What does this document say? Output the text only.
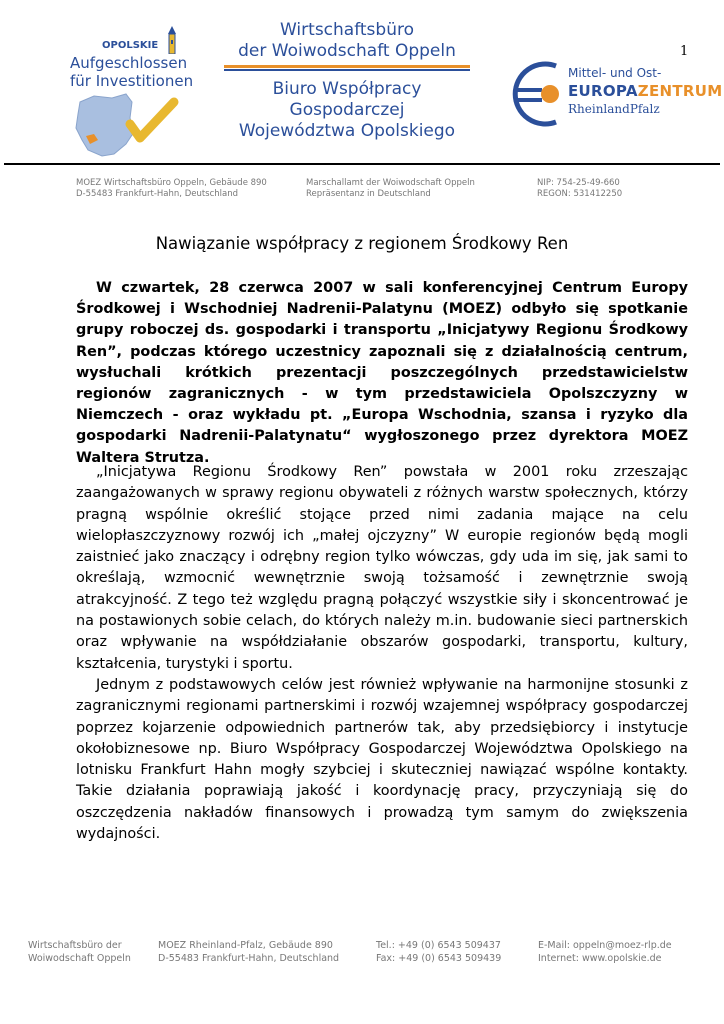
1
OPOLSKIE
Aufgeschlossen
für Investitionen
Wirtschaftsbüro
der Woiwodschaft Oppeln
Biuro Współpracy Gospodarczej
Województwa Opolskiego
Mittel- und Ost-
EUROPAZENTRUM
RheinlandPfalz
MOEZ Wirtschaftsbüro Oppeln, Gebäude 890
D-55483 Frankfurt-Hahn, Deutschland
Marschallamt der Woiwodschaft Oppeln
Repräsentanz in Deutschland
NIP: 754-25-49-660
REGON: 531412250
Nawiązanie współpracy z regionem Środkowy Ren
W czwartek, 28 czerwca 2007 w sali konferencyjnej Centrum Europy Środkowej i Wschodniej Nadrenii-Palatynu (MOEZ) odbyło się spotkanie grupy roboczej ds. gospodarki i transportu „Inicjatywy Regionu Środkowy Ren”, podczas którego uczestnicy zapoznali się z działalnością centrum, wysłuchali krótkich prezentacji poszczególnych przedstawicielstw regionów zagranicznych - w tym przedstawiciela Opolszczyzny w Niemczech - oraz wykładu pt. „Europa Wschodnia, szansa i ryzyko dla gospodarki Nadrenii-Palatynatu“ wygłoszonego przez dyrektora MOEZ Waltera Strutza.

„Inicjatywa Regionu Środkowy Ren” powstała w 2001 roku zrzeszając zaangażowanych w sprawy regionu obywateli z różnych warstw społecznych, którzy pragną wspólnie określić stojące przed nimi zadania mające na celu wielopłaszczyznowy rozwój ich „małej ojczyzny” W europie regionów będą mogli zaistnieć jako znaczący i odrębny region tylko wówczas, gdy uda im się, jak sami to określają, wzmocnić wewnętrznie swoją tożsamość i zewnętrznie swoją atrakcyjność. Z tego też względu pragną połączyć wszystkie siły i skoncentrować je na postawionych sobie celach, do których należy m.in. budowanie sieci partnerskich oraz wpływanie na współdziałanie obszarów gospodarki, transportu, kultury, kształcenia, turystyki i sportu.

Jednym z podstawowych celów jest również wpływanie na harmonijne stosunki z zagranicznymi regionami partnerskimi i rozwój wzajemnej współpracy gospodarczej poprzez kojarzenie odpowiednich partnerów tak, aby przedsiębiorcy i instytucje okołobiznesowe np. Biuro Współpracy Gospodarczej Województwa Opolskiego na lotnisku Frankfurt Hahn mogły szybciej i skuteczniej nawiązać wspólne kontakty. Takie działania poprawiają jakość i koordynację pracy, przyczyniają się do oszczędzenia nakładów finansowych i prowadzą tym samym do zwiększenia wydajności.

Wirtschaftsbüro der
Woiwodschaft Oppeln
MOEZ Rheinland-Pfalz, Gebäude 890
D-55483 Frankfurt-Hahn, Deutschland
Tel.: +49 (0) 6543 509437
Fax: +49 (0) 6543 509439
E-Mail: oppeln@moez-rlp.de
Internet: www.opolskie.de
